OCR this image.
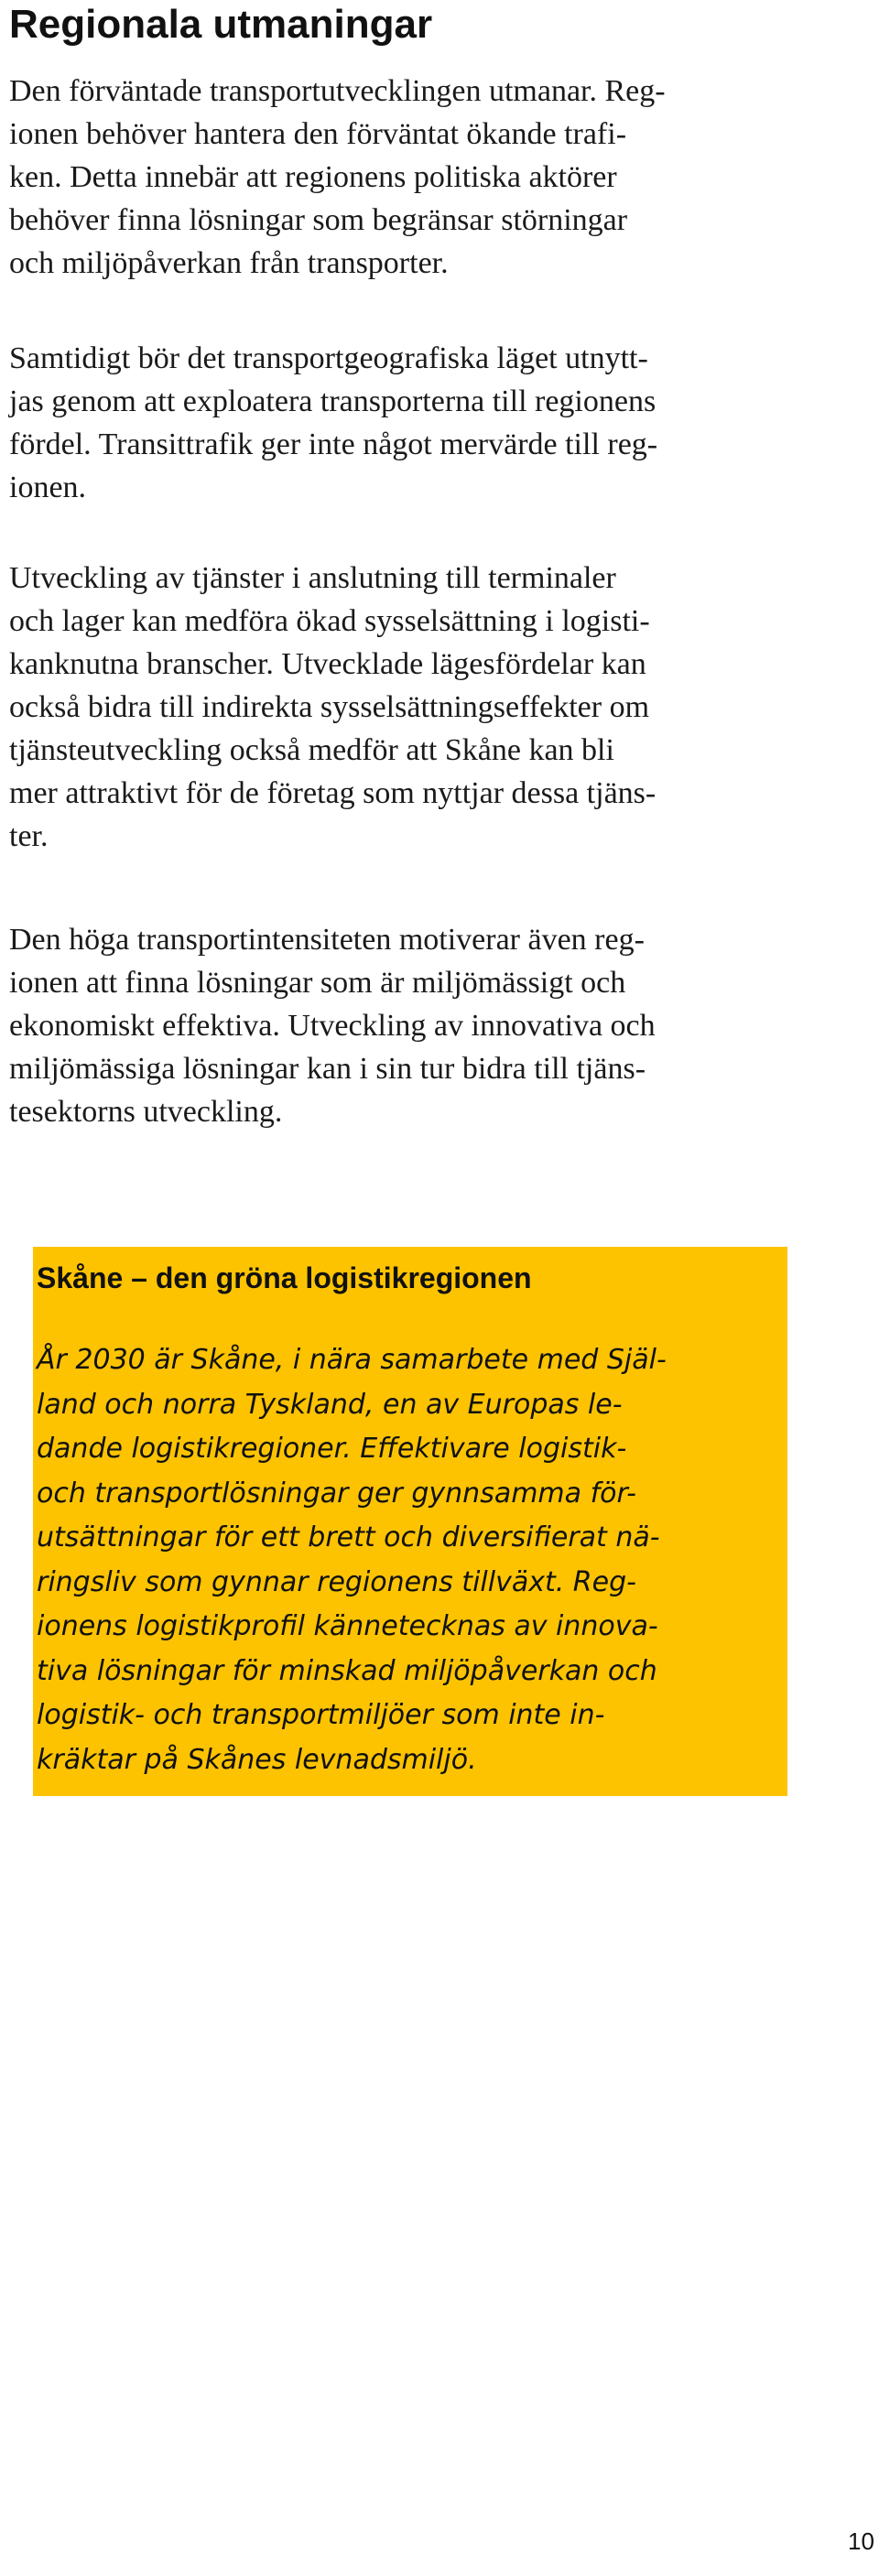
Regionala utmaningar
Den förväntade transportutvecklingen utmanar. Reg-
ionen behöver hantera den förväntat ökande trafi-
ken. Detta innebär att regionens politiska aktörer
behöver finna lösningar som begränsar störningar
och miljöpåverkan från transporter.
Samtidigt bör det transportgeografiska läget utnytt-
jas genom att exploatera transporterna till regionens
fördel. Transittrafik ger inte något mervärde till reg-
ionen.
Utveckling av tjänster i anslutning till terminaler
och lager kan medföra ökad sysselsättning i logisti-
kanknutna branscher. Utvecklade lägesfördelar kan
också bidra till indirekta sysselsättningseffekter om
tjänsteutveckling också medför att Skåne kan bli
mer attraktivt för de företag som nyttjar dessa tjäns-
ter.
Den höga transportintensiteten motiverar även reg-
ionen att finna lösningar som är miljömässigt och
ekonomiskt effektiva. Utveckling av innovativa och
miljömässiga lösningar kan i sin tur bidra till tjäns-
tesektorns utveckling.
Skåne – den gröna logistikregionen
År 2030 är Skåne, i nära samarbete med Själ-
land och norra Tyskland, en av Europas le-
dande logistikregioner. Effektivare logistik-
och transportlösningar ger gynnsamma för-
utsättningar för ett brett och diversifierat nä-
ringsliv som gynnar regionens tillväxt. Reg-
ionens logistikprofil kännetecknas av innova-
tiva lösningar för minskad miljöpåverkan och
logistik- och transportmiljöer som inte in-
kräktar på Skånes levnadsmiljö.
10
